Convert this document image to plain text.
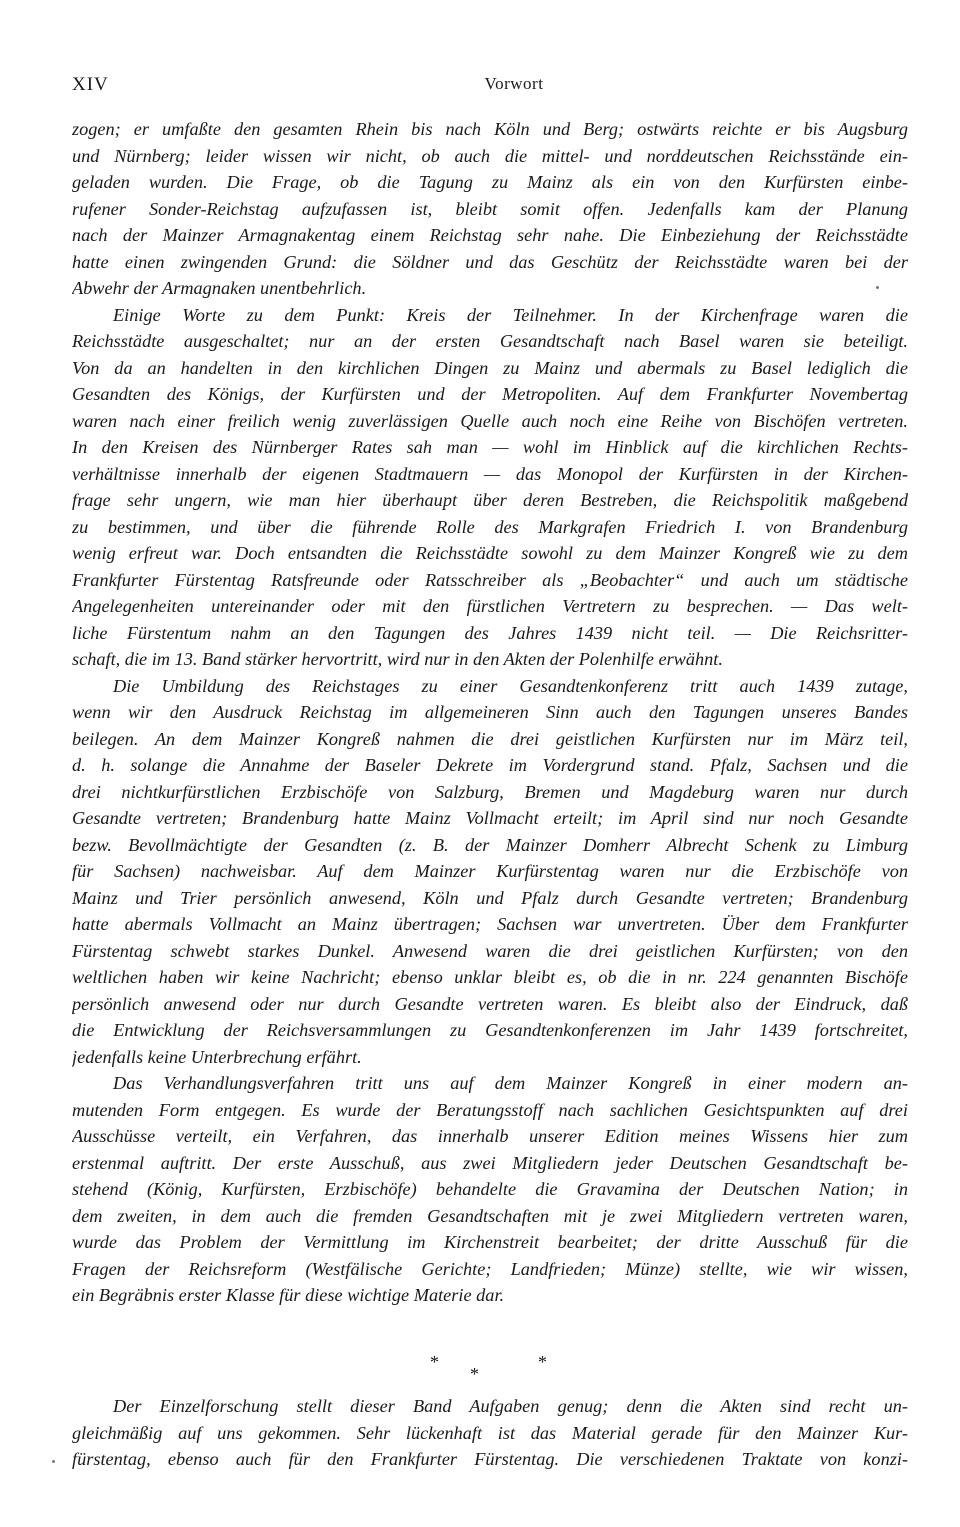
XIV	Vorwort
zogen; er umfaßte den gesamten Rhein bis nach Köln und Berg; ostwärts reichte er bis Augsburg
und Nürnberg; leider wissen wir nicht, ob auch die mittel- und norddeutschen Reichsstände ein-
geladen wurden. Die Frage, ob die Tagung zu Mainz als ein von den Kurfürsten einbe-
rufener Sonder-Reichstag aufzufassen ist, bleibt somit offen. Jedenfalls kam der Planung
nach der Mainzer Armagnakentag einem Reichstag sehr nahe. Die Einbeziehung der Reichsstädte
hatte einen zwingenden Grund: die Söldner und das Geschütz der Reichsstädte waren bei der
Abwehr der Armagnaken unentbehrlich.
Einige Worte zu dem Punkt: Kreis der Teilnehmer. In der Kirchenfrage waren die
Reichsstädte ausgeschaltet; nur an der ersten Gesandtschaft nach Basel waren sie beteiligt.
Von da an handelten in den kirchlichen Dingen zu Mainz und abermals zu Basel lediglich die
Gesandten des Königs, der Kurfürsten und der Metropoliten. Auf dem Frankfurter Novembertag
waren nach einer freilich wenig zuverlässigen Quelle auch noch eine Reihe von Bischöfen vertreten.
In den Kreisen des Nürnberger Rates sah man — wohl im Hinblick auf die kirchlichen Rechts-
verhältnisse innerhalb der eigenen Stadtmauern — das Monopol der Kurfürsten in der Kirchen-
frage sehr ungern, wie man hier überhaupt über deren Bestreben, die Reichspolitik maßgebend
zu bestimmen, und über die führende Rolle des Markgrafen Friedrich I. von Brandenburg
wenig erfreut war. Doch entsandten die Reichsstädte sowohl zu dem Mainzer Kongreß wie zu dem
Frankfurter Fürstentag Ratsfreunde oder Ratsschreiber als „Beobachter“ und auch um städtische
Angelegenheiten untereinander oder mit den fürstlichen Vertretern zu besprechen. — Das welt-
liche Fürstentum nahm an den Tagungen des Jahres 1439 nicht teil. — Die Reichsritter-
schaft, die im 13. Band stärker hervortritt, wird nur in den Akten der Polenhilfe erwähnt.
Die Umbildung des Reichstages zu einer Gesandtenkonferenz tritt auch 1439 zutage,
wenn wir den Ausdruck Reichstag im allgemeineren Sinn auch den Tagungen unseres Bandes
beilegen. An dem Mainzer Kongreß nahmen die drei geistlichen Kurfürsten nur im März teil,
d. h. solange die Annahme der Baseler Dekrete im Vordergrund stand. Pfalz, Sachsen und die
drei nichtkurfürstlichen Erzbischöfe von Salzburg, Bremen und Magdeburg waren nur durch
Gesandte vertreten; Brandenburg hatte Mainz Vollmacht erteilt; im April sind nur noch Gesandte
bezw. Bevollmächtigte der Gesandten (z. B. der Mainzer Domherr Albrecht Schenk zu Limburg
für Sachsen) nachweisbar. Auf dem Mainzer Kurfürstentag waren nur die Erzbischöfe von
Mainz und Trier persönlich anwesend, Köln und Pfalz durch Gesandte vertreten; Brandenburg
hatte abermals Vollmacht an Mainz übertragen; Sachsen war unvertreten. Über dem Frankfurter
Fürstentag schwebt starkes Dunkel. Anwesend waren die drei geistlichen Kurfürsten; von den
weltlichen haben wir keine Nachricht; ebenso unklar bleibt es, ob die in nr. 224 genannten Bischöfe
persönlich anwesend oder nur durch Gesandte vertreten waren. Es bleibt also der Eindruck, daß
die Entwicklung der Reichsversammlungen zu Gesandtenkonferenzen im Jahr 1439 fortschreitet,
jedenfalls keine Unterbrechung erfährt.
Das Verhandlungsverfahren tritt uns auf dem Mainzer Kongreß in einer modern an-
mutenden Form entgegen. Es wurde der Beratungsstoff nach sachlichen Gesichtspunkten auf drei
Ausschüsse verteilt, ein Verfahren, das innerhalb unserer Edition meines Wissens hier zum
erstenmal auftritt. Der erste Ausschuß, aus zwei Mitgliedern jeder Deutschen Gesandtschaft be-
stehend (König, Kurfürsten, Erzbischöfe) behandelte die Gravamina der Deutschen Nation; in
dem zweiten, in dem auch die fremden Gesandtschaften mit je zwei Mitgliedern vertreten waren,
wurde das Problem der Vermittlung im Kirchenstreit bearbeitet; der dritte Ausschuß für die
Fragen der Reichsreform (Westfälische Gerichte; Landfrieden; Münze) stellte, wie wir wissen,
ein Begräbnis erster Klasse für diese wichtige Materie dar.
*
*
*
Der Einzelforschung stellt dieser Band Aufgaben genug; denn die Akten sind recht un-
gleichmäßig auf uns gekommen. Sehr lückenhaft ist das Material gerade für den Mainzer Kur-
fürstentag, ebenso auch für den Frankfurter Fürstentag. Die verschiedenen Traktate von konzi-
